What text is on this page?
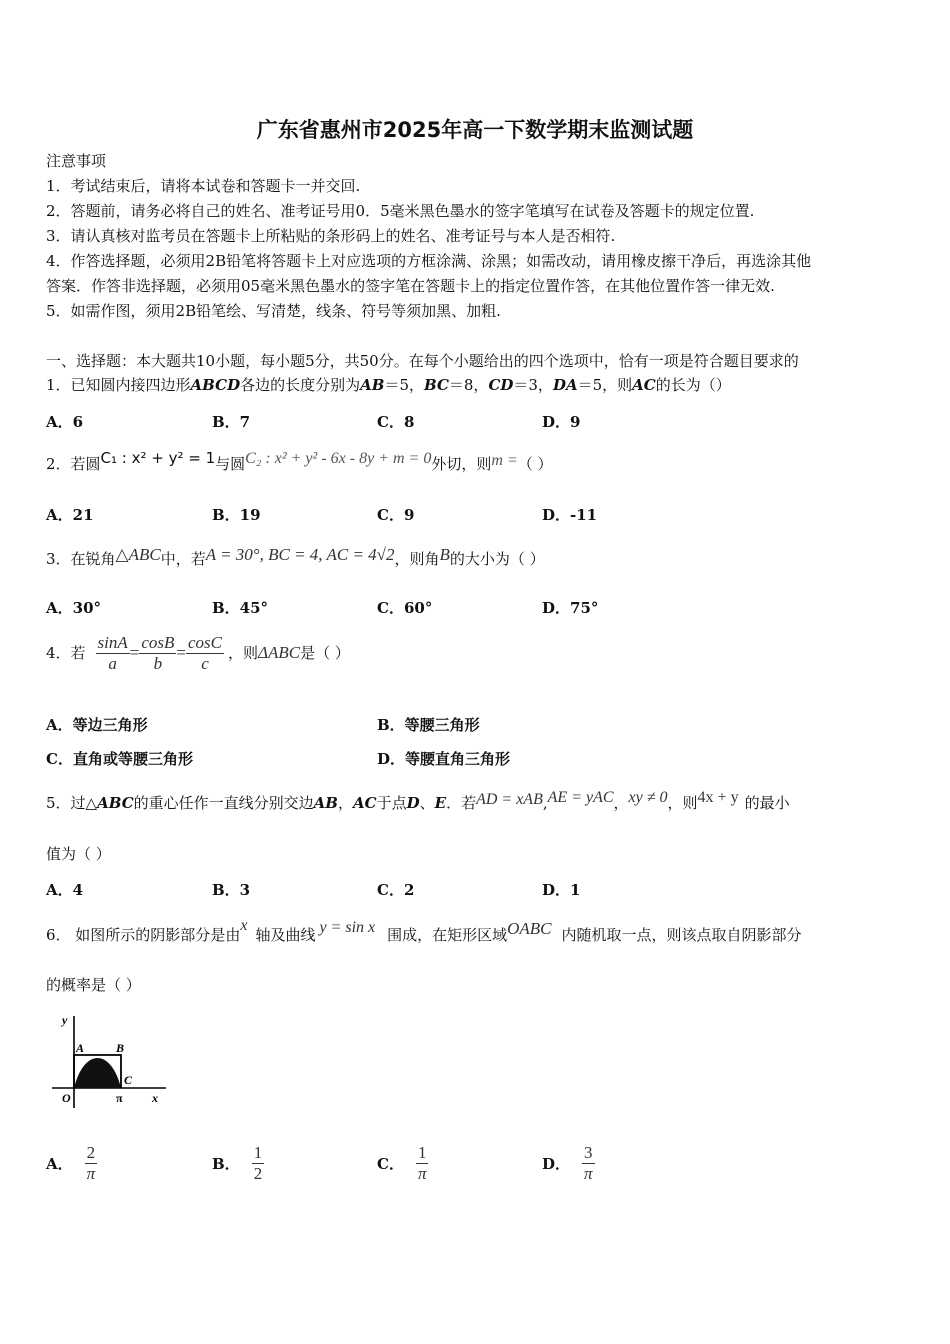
广东省惠州市2025年高一下数学期末监测试题
注意事项
1．考试结束后，请将本试卷和答题卡一并交回.
2．答题前，请务必将自己的姓名、准考证号用0．5毫米黑色墨水的签字笔填写在试卷及答题卡的规定位置.
3．请认真核对监考员在答题卡上所粘贴的条形码上的姓名、准考证号与本人是否相符.
4．作答选择题，必须用2B铅笔将答题卡上对应选项的方框涂满、涂黑；如需改动，请用橡皮擦干净后，再选涂其他
答案．作答非选择题，必须用05毫米黑色墨水的签字笔在答题卡上的指定位置作答，在其他位置作答一律无效.
5．如需作图，须用2B铅笔绘、写清楚，线条、符号等须加黑、加粗.
一、选择题：本大题共10小题，每小题5分，共50分。在每个小题给出的四个选项中，恰有一项是符合题目要求的
1．已知圆内接四边形ABCD各边的长度分别为AB＝5，BC＝8，CD＝3，DA＝5，则AC的长为（）
A．6	B．7	C．8	D．9
2．若圆C₁ : x² + y² = 1与圆C₂ : x² + y² - 6x - 8y + m = 0外切，则m =（ ）
A．21	B．19	C．9	D．-11
3．在锐角△ABC中，若A = 30°, BC = 4, AC = 4√2，则角B的大小为（ ）
A．30°	B．45°	C．60°	D．75°
4．若 $\frac{\sin A}{a} = \frac{\cos B}{b} = \frac{\cos C}{c}$ ，则 ΔABC 是（ ）
A．等边三角形	B．等腰三角形
C．直角或等腰三角形	D．等腰直角三角形
5．过△ABC的重心任作一直线分别交边AB，AC于点D、E．若AD = xAB,AE = yAC，xy ≠ 0，则4x + y 的最小
值为（ ）
A．4	B．3	C．2	D．1
6． 如图所示的阴影部分是由x轴及曲线 y = sin x 围成，在矩形区域OABC 内随机取一点，则该点取自阴影部分
的概率是（ ）
y
A	B
C
O	π x
A． $\frac{2}{\pi}$	B． $\frac{1}{2}$	C． $\frac{1}{\pi}$	D． $\frac{3}{\pi}$
